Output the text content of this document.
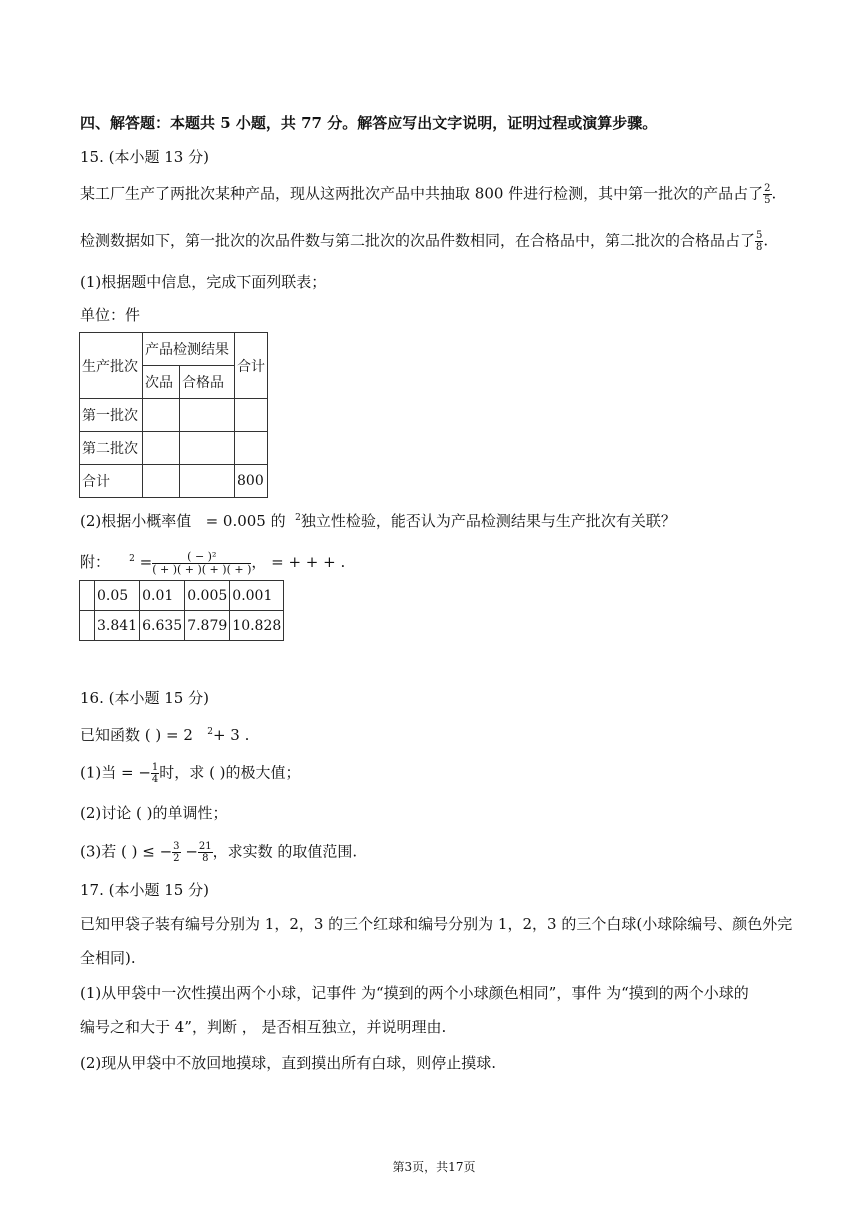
四、解答题：本题共 5 小题，共 77 分。解答应写出文字说明，证明过程或演算步骤。
15. (本小题 13 分)
某工厂生产了两批次某种产品，现从这两批次产品中共抽取 800 件进行检测，其中第一批次的产品占了 $\frac{2}{5}$ .
检测数据如下，第一批次的次品件数与第二批次的次品件数相同，在合格品中，第二批次的合格品占了 $\frac{5}{8}$ .
(1)根据题中信息，完成下面列联表；
单位：件
生产批次	产品检测结果		合计
	次品	合格品	
第一批次			
第二批次			
合计			800
(2)根据小概率值 = 0.005 的 $^2$独立性检验，能否认为产品检测结果与生产批次有关联？
附： $^2 = \frac{\text{( − )²}}{( + )( + )( + )( + )}$ ， = + + + .
	0.05	0.01	0.005	0.001
	3.841	6.635	7.879	10.828
16. (本小题 15 分)
已知函数 ( ) = 2 $^2$+ 3 .
(1)当 = − $\frac{1}{4}$ 时，求 ( )的极大值；
(2)讨论 ( )的单调性；
(3)若 ( ) ≤ − $\frac{3}{2} - \frac{21}{8}$ ，求实数 的取值范围.
17. (本小题 15 分)
已知甲袋子装有编号分别为 1，2，3 的三个红球和编号分别为 1，2，3 的三个白球(小球除编号、颜色外完
全相同).
(1)从甲袋中一次性摸出两个小球，记事件 为“摸到的两个小球颜色相同”，事件 为“摸到的两个小球的
编号之和大于 4”，判断 ， 是否相互独立，并说明理由.
(2)现从甲袋中不放回地摸球，直到摸出所有白球，则停止摸球.
第3页，共17页
